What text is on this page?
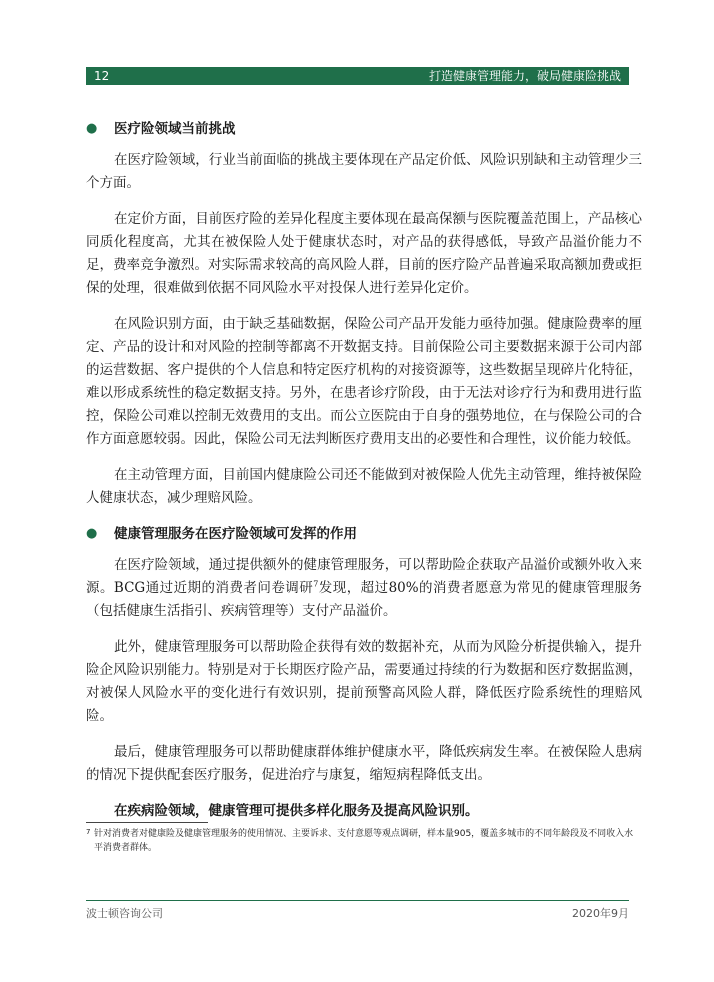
12	打造健康管理能力，破局健康险挑战
● 医疗险领域当前挑战

在医疗险领域，行业当前面临的挑战主要体现在产品定价低、风险识别缺和主动管理少三个方面。

在定价方面，目前医疗险的差异化程度主要体现在最高保额与医院覆盖范围上，产品核心同质化程度高，尤其在被保险人处于健康状态时，对产品的获得感低，导致产品溢价能力不足，费率竞争激烈。对实际需求较高的高风险人群，目前的医疗险产品普遍采取高额加费或拒保的处理，很难做到依据不同风险水平对投保人进行差异化定价。

在风险识别方面，由于缺乏基础数据，保险公司产品开发能力亟待加强。健康险费率的厘定、产品的设计和对风险的控制等都离不开数据支持。目前保险公司主要数据来源于公司内部的运营数据、客户提供的个人信息和特定医疗机构的对接资源等，这些数据呈现碎片化特征，难以形成系统性的稳定数据支持。另外，在患者诊疗阶段，由于无法对诊疗行为和费用进行监控，保险公司难以控制无效费用的支出。而公立医院由于自身的强势地位，在与保险公司的合作方面意愿较弱。因此，保险公司无法判断医疗费用支出的必要性和合理性，议价能力较低。

在主动管理方面，目前国内健康险公司还不能做到对被保险人优先主动管理，维持被保险人健康状态，减少理赔风险。

● 健康管理服务在医疗险领域可发挥的作用

在医疗险领域，通过提供额外的健康管理服务，可以帮助险企获取产品溢价或额外收入来源。BCG通过近期的消费者问卷调研$^7$发现，超过80%的消费者愿意为常见的健康管理服务（包括健康生活指引、疾病管理等）支付产品溢价。

此外，健康管理服务可以帮助险企获得有效的数据补充，从而为风险分析提供输入，提升险企风险识别能力。特别是对于长期医疗险产品，需要通过持续的行为数据和医疗数据监测，对被保人风险水平的变化进行有效识别，提前预警高风险人群，降低医疗险系统性的理赔风险。

最后，健康管理服务可以帮助健康群体维护健康水平，降低疾病发生率。在被保险人患病的情况下提供配套医疗服务，促进治疗与康复，缩短病程降低支出。

在疾病险领域，健康管理可提供多样化服务及提高风险识别。

7 针对消费者对健康险及健康管理服务的使用情况、主要诉求、支付意愿等观点调研，样本量905，覆盖多城市的不同年龄段及不同收入水平消费者群体。
波士顿咨询公司	2020年9月
